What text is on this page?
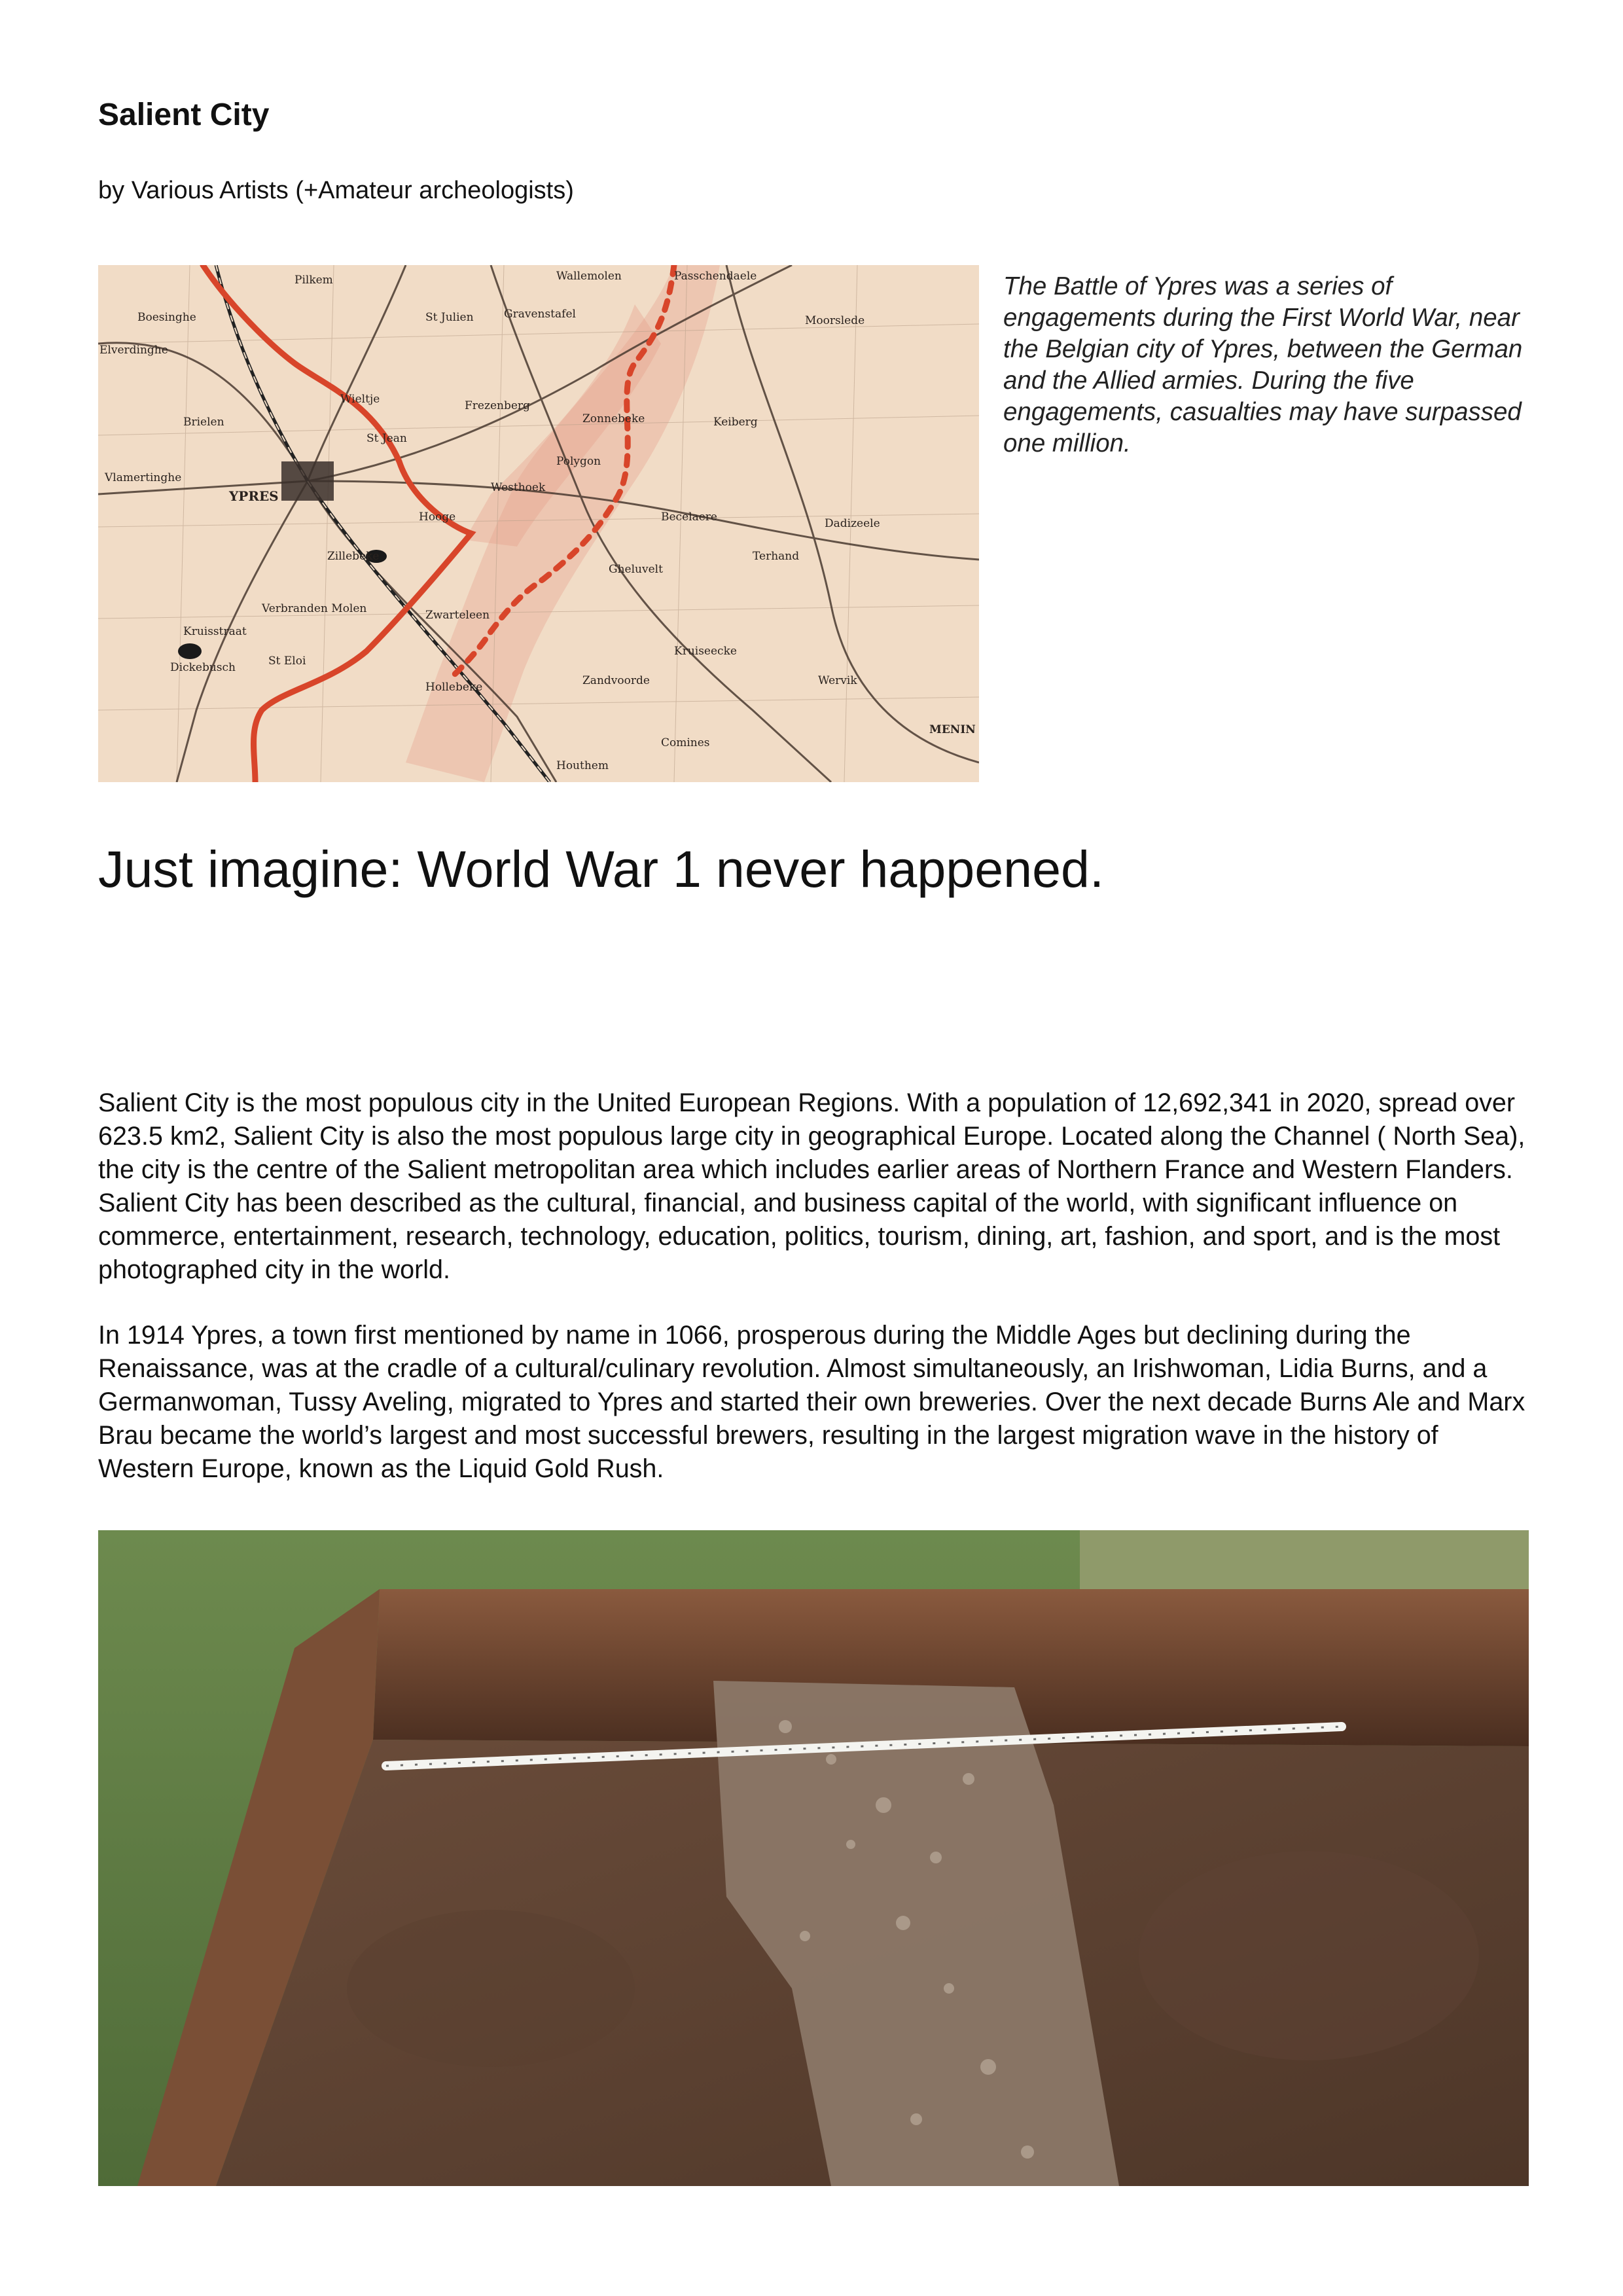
Salient City
by Various Artists (+Amateur archeologists)
Pilkem	Wallemolen	Passchendaele
Boesinghe
Elverdinghe
St Julien	Gravenstafel	Moorslede
Wieltje	Frezenberg
Zonnebeke	Keiberg
Brielen
St Jean
Vlamertinghe
YPRES
Hooge
Westhoek
Polygon
Becelaere	Dadizeele
Zillebeke
Zwarteleen
Gheluvelt
Terhand
Verbranden Molen
Kruisstraat
Dickebusch	St Eloi
Hollebeke	Zandvoorde
Kruiseecke
Wervik
Houthem
Comines
MENIN
The Battle of Ypres was a series of engagements during the First World War, near the Belgian city of Ypres, between the German and the Allied armies. During the five engagements, casualties may have surpassed one million.
Just imagine: World War 1 never happened.
Salient City is the most populous city in the United European Regions. With a population of 12,692,341 in 2020, spread over 623.5 km2, Salient City is also the most populous large city in geographical Europe. Located along the Channel ( North Sea), the city is the centre of the Salient metropolitan area which includes earlier areas of Northern France and Western Flanders. Salient City has been described as the cultural, financial, and business capital of the world, with significant influence on commerce, entertainment, research, technology, education, politics, tourism, dining, art, fashion, and sport, and is the most photographed city in the world.
In 1914 Ypres, a town first mentioned by name in 1066, prosperous during the Middle Ages but declining during the Renaissance, was at the cradle of a cultural/culinary revolution. Almost simultaneously, an Irishwoman, Lidia Burns, and a Germanwoman, Tussy Aveling, migrated to Ypres and started their own breweries. Over the next decade Burns Ale and Marx Brau became the world’s largest and most successful brewers, resulting in the largest migration wave in the history of Western Europe, known as the Liquid Gold Rush.
